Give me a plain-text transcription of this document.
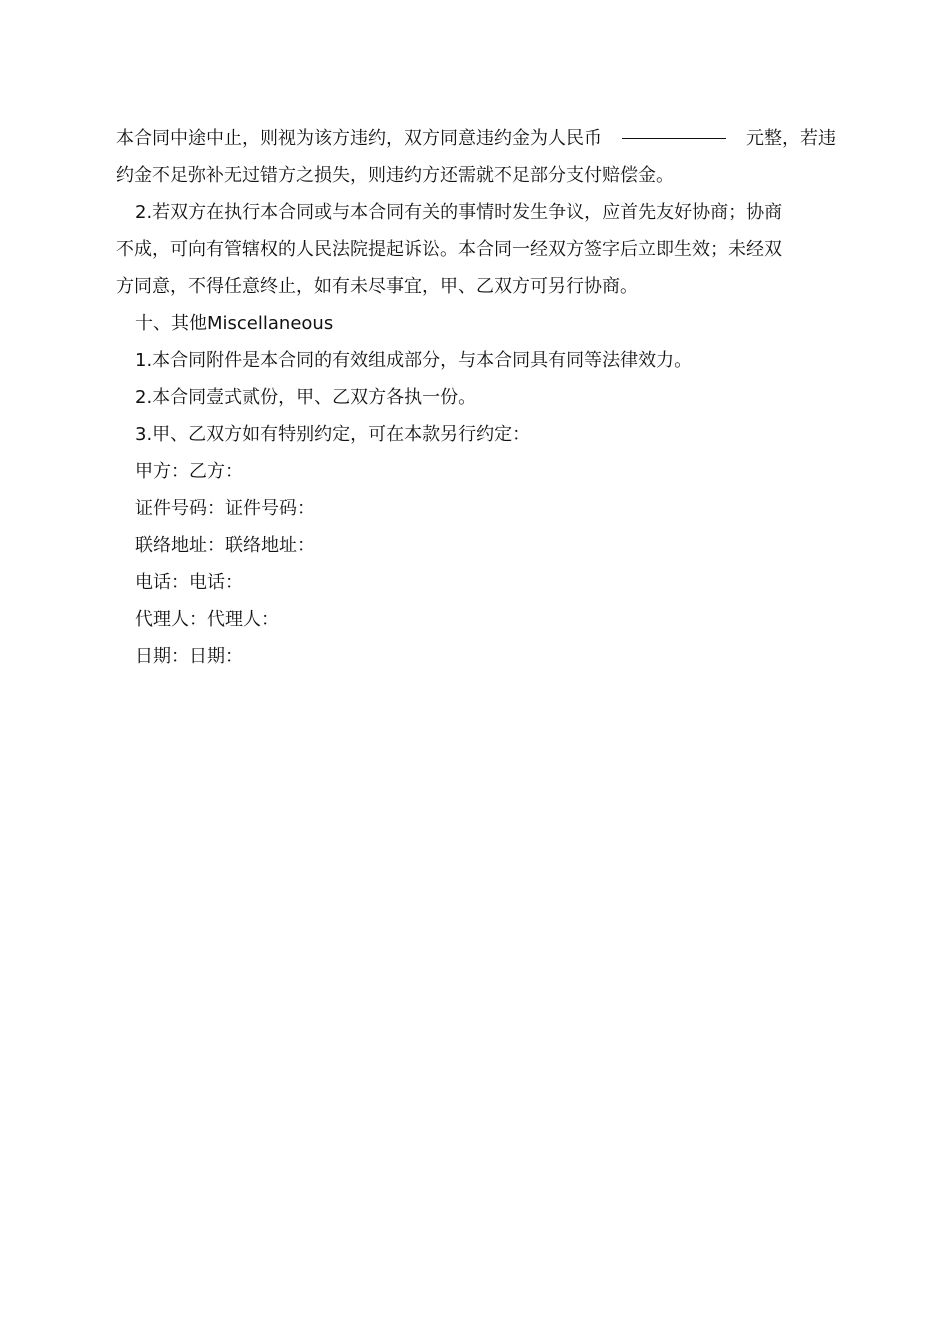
本合同中途中止，则视为该方违约，双方同意违约金为人民币	元整，若违
约金不足弥补无过错方之损失，则违约方还需就不足部分支付赔偿金。
2.若双方在执行本合同或与本合同有关的事情时发生争议，应首先友好协商；协商
不成，可向有管辖权的人民法院提起诉讼。本合同一经双方签字后立即生效；未经双
方同意，不得任意终止，如有未尽事宜，甲、乙双方可另行协商。
十、其他Miscellaneous
1.本合同附件是本合同的有效组成部分，与本合同具有同等法律效力。
2.本合同壹式贰份，甲、乙双方各执一份。
3.甲、乙双方如有特别约定，可在本款另行约定：
甲方：乙方：
证件号码：证件号码：
联络地址：联络地址：
电话：电话：
代理人：代理人：
日期：日期：
